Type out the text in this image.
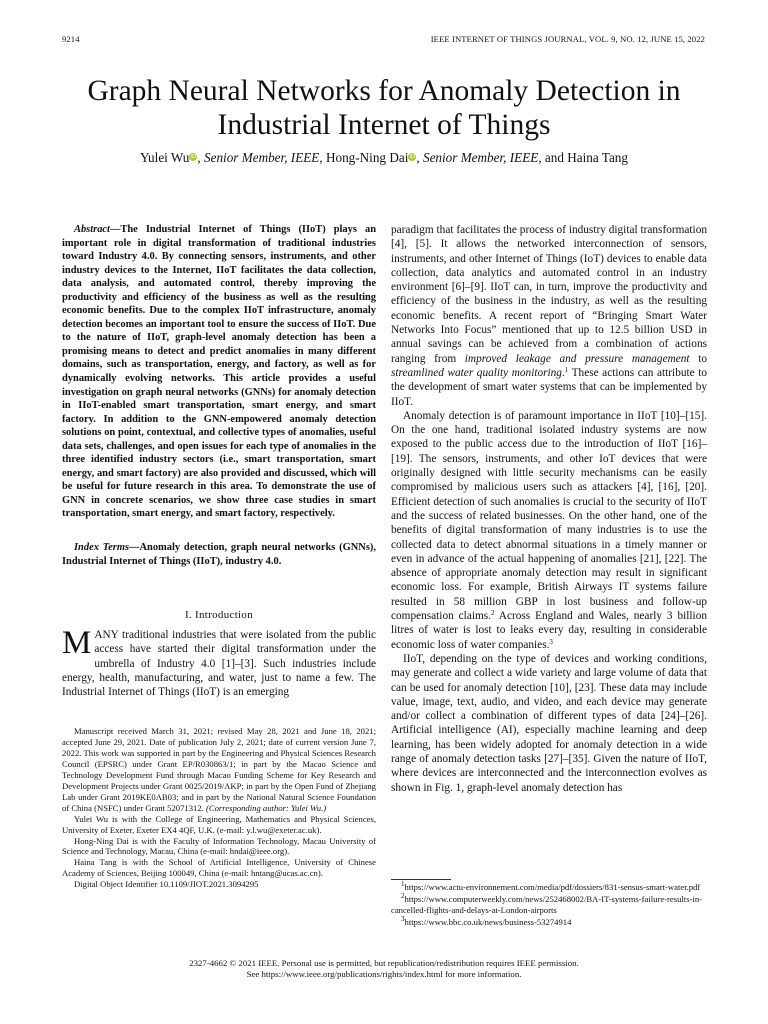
9214	IEEE INTERNET OF THINGS JOURNAL, VOL. 9, NO. 12, JUNE 15, 2022
Graph Neural Networks for Anomaly Detection in
Industrial Internet of Things
Yulei WuiD, Senior Member, IEEE, Hong-Ning DaiiD, Senior Member, IEEE, and Haina Tang

Abstract—The Industrial Internet of Things (IIoT) plays an important role in digital transformation of traditional industries toward Industry 4.0. By connecting sensors, instruments, and other industry devices to the Internet, IIoT facilitates the data collection, data analysis, and automated control, thereby improving the productivity and efficiency of the business as well as the resulting economic benefits. Due to the complex IIoT infrastructure, anomaly detection becomes an important tool to ensure the success of IIoT. Due to the nature of IIoT, graph-level anomaly detection has been a promising means to detect and predict anomalies in many different domains, such as transportation, energy, and factory, as well as for dynamically evolving networks. This article provides a useful investigation on graph neural networks (GNNs) for anomaly detection in IIoT-enabled smart transportation, smart energy, and smart factory. In addition to the GNN-empowered anomaly detection solutions on point, contextual, and collective types of anomalies, useful data sets, challenges, and open issues for each type of anomalies in the three identified industry sectors (i.e., smart transportation, smart energy, and smart factory) are also provided and discussed, which will be useful for future research in this area. To demonstrate the use of GNN in concrete scenarios, we show three case studies in smart transportation, smart energy, and smart factory, respectively.

Index Terms—Anomaly detection, graph neural networks (GNNs), Industrial Internet of Things (IIoT), industry 4.0.

I. Introduction

MANY traditional industries that were isolated from the public access have started their digital transformation under the umbrella of Industry 4.0 [1]–[3]. Such industries include energy, health, manufacturing, and water, just to name a few. The Industrial Internet of Things (IIoT) is an emerging

Manuscript received March 31, 2021; revised May 28, 2021 and June 18, 2021; accepted June 29, 2021. Date of publication July 2, 2021; date of current version June 7, 2022. This work was supported in part by the Engineering and Physical Sciences Research Council (EPSRC) under Grant EP/R030863/1; in part by the Macao Science and Technology Development Fund through Macao Funding Scheme for Key Research and Development Projects under Grant 0025/2019/AKP; in part by the Open Fund of Zhejiang Lab under Grant 2019KE0AB03; and in part by the National Natural Science Foundation of China (NSFC) under Grant 52071312. (Corresponding author: Yulei Wu.)

Yulei Wu is with the College of Engineering, Mathematics and Physical Sciences, University of Exeter, Exeter EX4 4QF, U.K. (e-mail: y.l.wu@exeter.ac.uk).

Hong-Ning Dai is with the Faculty of Information Technology, Macau University of Science and Technology, Macau, China (e-mail: hndai@ieee.org).

Haina Tang is with the School of Artificial Intelligence, University of Chinese Academy of Sciences, Beijing 100049, China (e-mail: hntang@ucas.ac.cn).

Digital Object Identifier 10.1109/JIOT.2021.3094295

paradigm that facilitates the process of industry digital transformation [4], [5]. It allows the networked interconnection of sensors, instruments, and other Internet of Things (IoT) devices to enable data collection, data analytics and automated control in an industry environment [6]–[9]. IIoT can, in turn, improve the productivity and efficiency of the business in the industry, as well as the resulting economic benefits. A recent report of “Bringing Smart Water Networks Into Focus” mentioned that up to 12.5 billion USD in annual savings can be achieved from a combination of actions ranging from improved leakage and pressure management to streamlined water quality monitoring.$^1$ These actions can attribute to the development of smart water systems that can be implemented by IIoT.

Anomaly detection is of paramount importance in IIoT [10]–[15]. On the one hand, traditional isolated industry systems are now exposed to the public access due to the introduction of IIoT [16]–[19]. The sensors, instruments, and other IoT devices that were originally designed with little security mechanisms can be easily compromised by malicious users such as attackers [4], [16], [20]. Efficient detection of such anomalies is crucial to the security of IIoT and the success of related businesses. On the other hand, one of the benefits of digital transformation of many industries is to use the collected data to detect abnormal situations in a timely manner or even in advance of the actual happening of anomalies [21], [22]. The absence of appropriate anomaly detection may result in significant economic loss. For example, British Airways IT systems failure resulted in 58 million GBP in lost business and follow-up compensation claims.$^2$ Across England and Wales, nearly 3 billion litres of water is lost to leaks every day, resulting in considerable economic loss of water companies.$^3$

IIoT, depending on the type of devices and working conditions, may generate and collect a wide variety and large volume of data that can be used for anomaly detection [10], [23]. These data may include value, image, text, audio, and video, and each device may generate and/or collect a combination of different types of data [24]–[26]. Artificial intelligence (AI), especially machine learning and deep learning, has been widely adopted for anomaly detection in a wide range of anomaly detection tasks [27]–[35]. Given the nature of IIoT, where devices are interconnected and the interconnection evolves as shown in Fig. 1, graph-level anomaly detection has

$^1$https://www.actu-environnement.com/media/pdf/dossiers/831-sensus-smart-water.pdf

$^2$https://www.computerweekly.com/news/252468002/BA-IT-systems-failure-results-in-cancelled-flights-and-delays-at-London-airports

$^3$https://www.bbc.co.uk/news/business-53274914

2327-4662 © 2021 IEEE. Personal use is permitted, but republication/redistribution requires IEEE permission.
See https://www.ieee.org/publications/rights/index.html for more information.
